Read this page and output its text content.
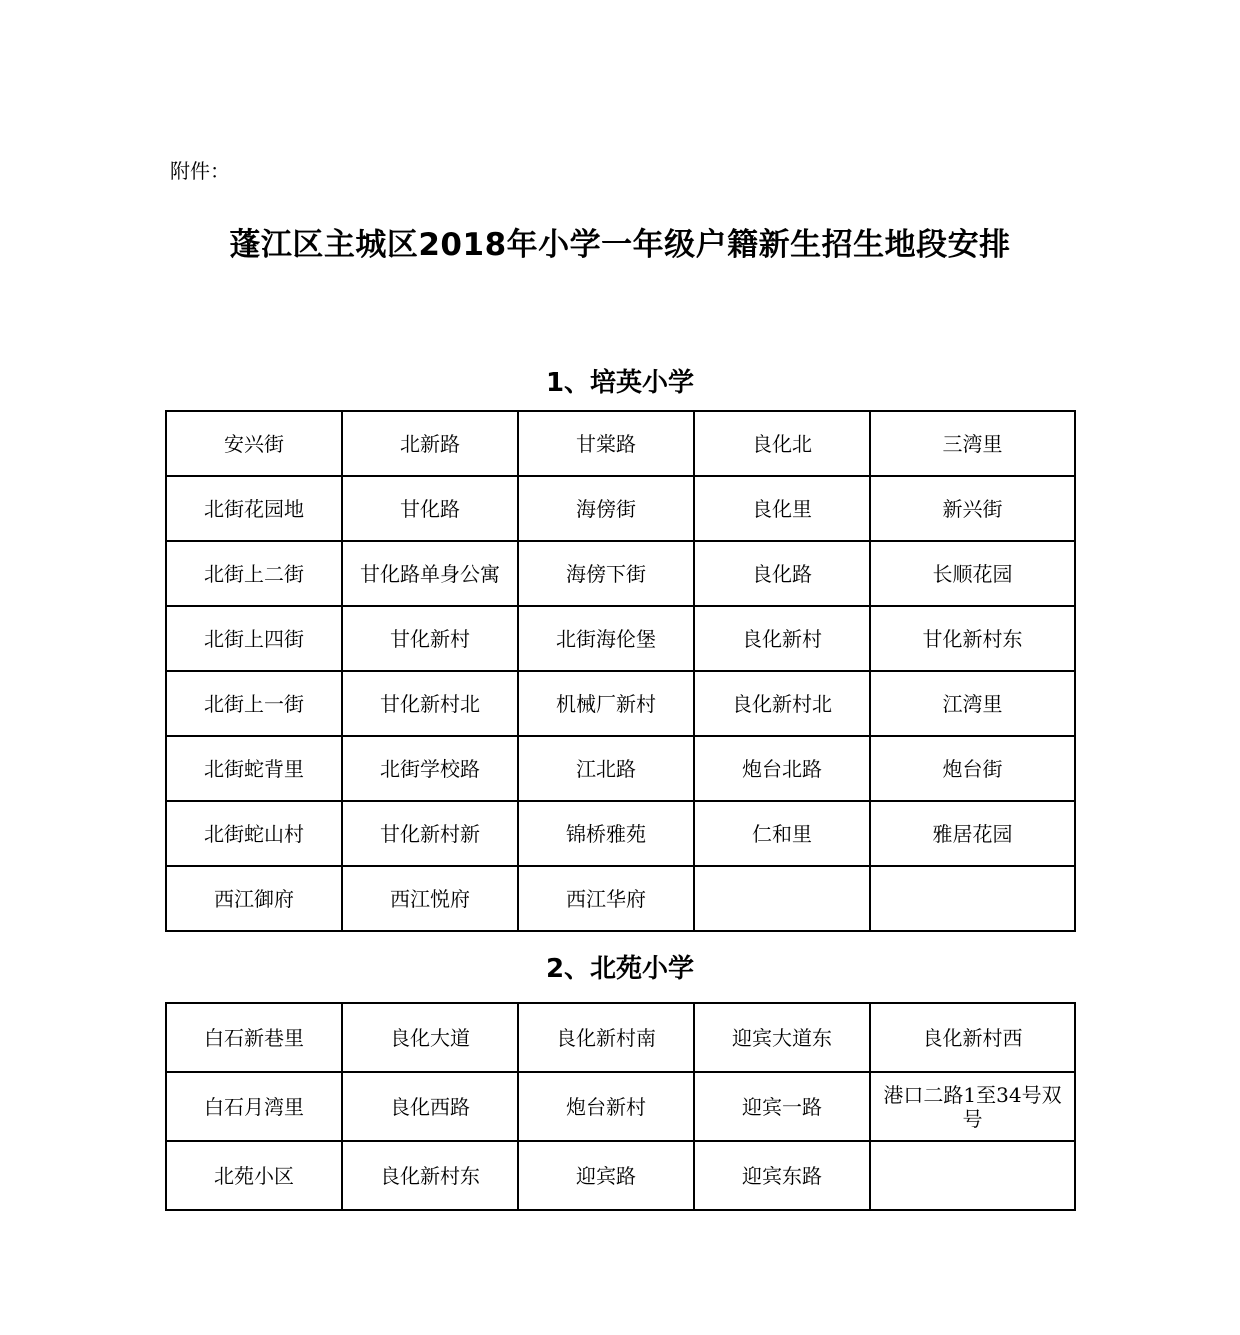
附件：
蓬江区主城区2018年小学一年级户籍新生招生地段安排
1、培英小学
安兴街	北新路	甘棠路	良化北	三湾里
北街花园地	甘化路	海傍街	良化里	新兴街
北街上二街	甘化路单身公寓	海傍下街	良化路	长顺花园
北街上四街	甘化新村	北街海伦堡	良化新村	甘化新村东
北街上一街	甘化新村北	机械厂新村	良化新村北	江湾里
北街蛇背里	北街学校路	江北路	炮台北路	炮台街
北街蛇山村	甘化新村新	锦桥雅苑	仁和里	雅居花园
西江御府	西江悦府	西江华府		
2、北苑小学
白石新巷里	良化大道	良化新村南	迎宾大道东	良化新村西
白石月湾里	良化西路	炮台新村	迎宾一路	港口二路1至34号双号
北苑小区	良化新村东	迎宾路	迎宾东路	
